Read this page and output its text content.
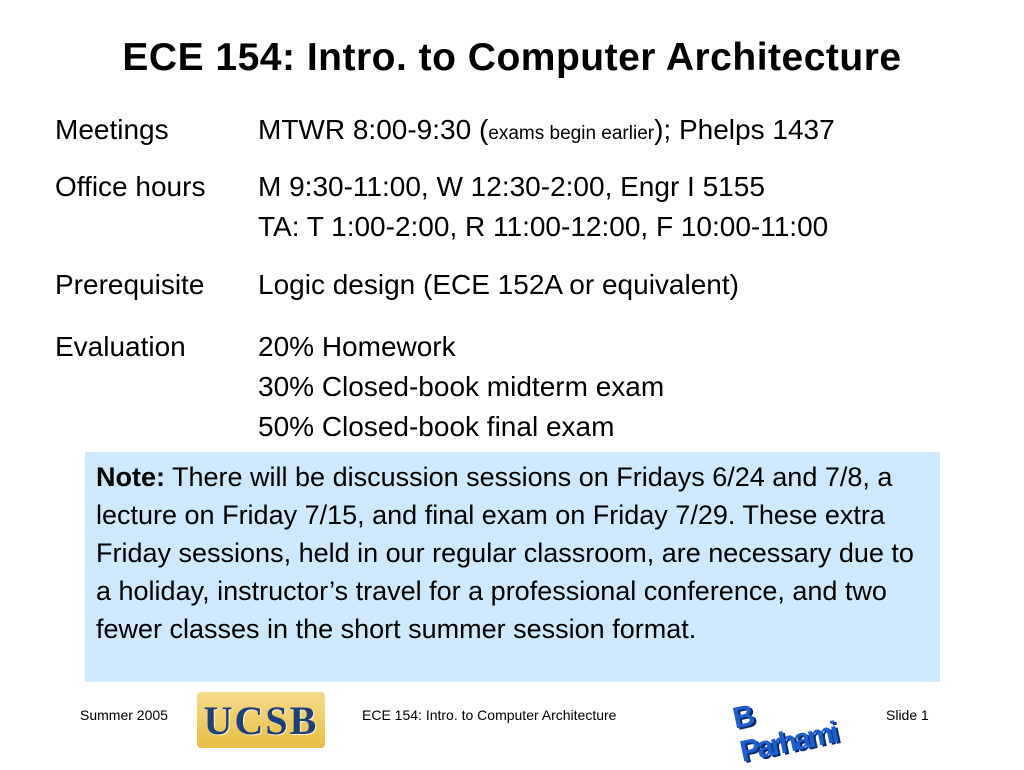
ECE 154: Intro. to Computer Architecture
Meetings	MTWR 8:00-9:30 (exams begin earlier); Phelps 1437
Office hours M 9:30-11:00, W 12:30-2:00, Engr I 5155
TA: T 1:00-2:00, R 11:00-12:00, F 10:00-11:00
Prerequisite Logic design (ECE 152A or equivalent)
Evaluation	20% Homework
30% Closed-book midterm exam
50% Closed-book final exam
Note: There will be discussion sessions on Fridays 6/24 and 7/8, a lecture on Friday 7/15, and final exam on Friday 7/29. These extra Friday sessions, held in our regular classroom, are necessary due to a holiday, instructor’s travel for a professional conference, and two fewer classes in the short summer session format.
Summer 2005 UCSB	ECE 154: Intro. to Computer Architecture	B Parhami
Slide 1
